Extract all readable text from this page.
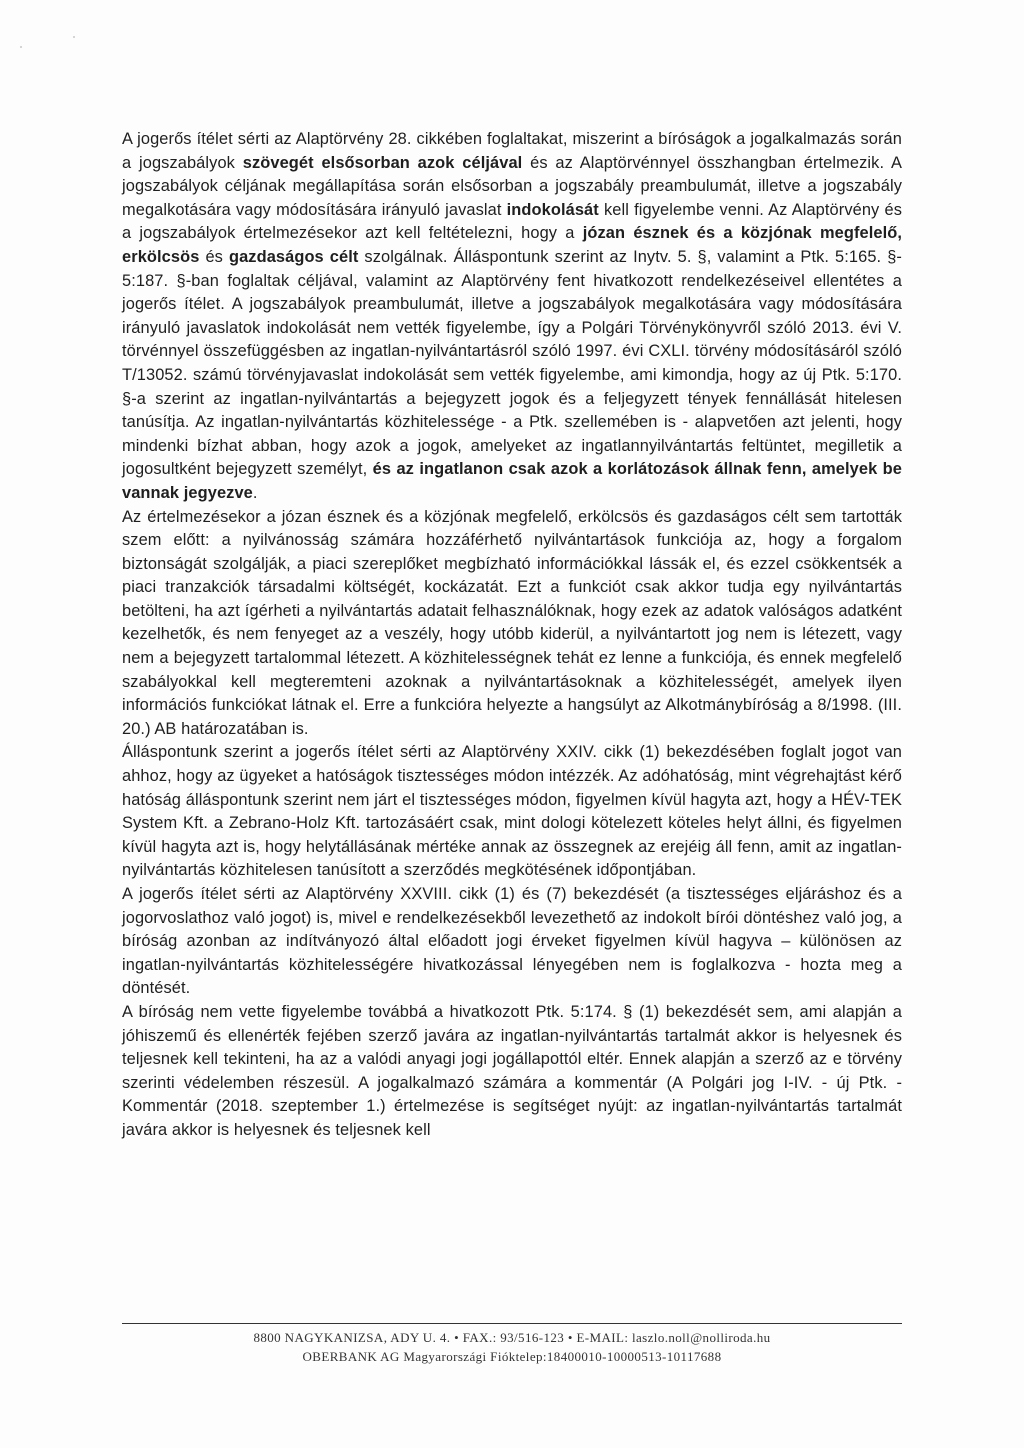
A jogerős ítélet sérti az Alaptörvény 28. cikkében foglaltakat, miszerint a bíróságok a jogalkalmazás során a jogszabályok szövegét elsősorban azok céljával és az Alaptörvénnyel összhangban értelmezik. A jogszabályok céljának megállapítása során elsősorban a jogszabály preambulumát, illetve a jogszabály megalkotására vagy módosítására irányuló javaslat indokolását kell figyelembe venni. Az Alaptörvény és a jogszabályok értelmezésekor azt kell feltételezni, hogy a józan észnek és a közjónak megfelelő, erkölcsös és gazdaságos célt szolgálnak. Álláspontunk szerint az Inytv. 5. §, valamint a Ptk. 5:165. §- 5:187. §-ban foglaltak céljával, valamint az Alaptörvény fent hivatkozott rendelkezéseivel ellentétes a jogerős ítélet. A jogszabályok preambulumát, illetve a jogszabályok megalkotására vagy módosítására irányuló javaslatok indokolását nem vették figyelembe, így a Polgári Törvénykönyvről szóló 2013. évi V. törvénnyel összefüggésben az ingatlan-nyilvántartásról szóló 1997. évi CXLI. törvény módosításáról szóló T/13052. számú törvényjavaslat indokolását sem vették figyelembe, ami kimondja, hogy az új Ptk. 5:170. §-a szerint az ingatlan-nyilvántartás a bejegyzett jogok és a feljegyzett tények fennállását hitelesen tanúsítja. Az ingatlan-nyilvántartás közhitelessége - a Ptk. szellemében is - alapvetően azt jelenti, hogy mindenki bízhat abban, hogy azok a jogok, amelyeket az ingatlannyilvántartás feltüntet, megilletik a jogosultként bejegyzett személyt, és az ingatlanon csak azok a korlátozások állnak fenn, amelyek be vannak jegyezve.

Az értelmezésekor a józan észnek és a közjónak megfelelő, erkölcsös és gazdaságos célt sem tartották szem előtt: a nyilvánosság számára hozzáférhető nyilvántartások funkciója az, hogy a forgalom biztonságát szolgálják, a piaci szereplőket megbízható információkkal lássák el, és ezzel csökkentsék a piaci tranzakciók társadalmi költségét, kockázatát. Ezt a funkciót csak akkor tudja egy nyilvántartás betölteni, ha azt ígérheti a nyilvántartás adatait felhasználóknak, hogy ezek az adatok valóságos adatként kezelhetők, és nem fenyeget az a veszély, hogy utóbb kiderül, a nyilvántartott jog nem is létezett, vagy nem a bejegyzett tartalommal létezett. A közhitelességnek tehát ez lenne a funkciója, és ennek megfelelő szabályokkal kell megteremteni azoknak a nyilvántartásoknak a közhitelességét, amelyek ilyen információs funkciókat látnak el. Erre a funkcióra helyezte a hangsúlyt az Alkotmánybíróság a 8/1998. (III. 20.) AB határozatában is.

Álláspontunk szerint a jogerős ítélet sérti az Alaptörvény XXIV. cikk (1) bekezdésében foglalt jogot van ahhoz, hogy az ügyeket a hatóságok tisztességes módon intézzék. Az adóhatóság, mint végrehajtást kérő hatóság álláspontunk szerint nem járt el tisztességes módon, figyelmen kívül hagyta azt, hogy a HÉV-TEK System Kft. a Zebrano-Holz Kft. tartozásáért csak, mint dologi kötelezett köteles helyt állni, és figyelmen kívül hagyta azt is, hogy helytállásának mértéke annak az összegnek az erejéig áll fenn, amit az ingatlan-nyilvántartás közhitelesen tanúsított a szerződés megkötésének időpontjában.

A jogerős ítélet sérti az Alaptörvény XXVIII. cikk (1) és (7) bekezdését (a tisztességes eljáráshoz és a jogorvoslathoz való jogot) is, mivel e rendelkezésekből levezethető az indokolt bírói döntéshez való jog, a bíróság azonban az indítványozó által előadott jogi érveket figyelmen kívül hagyva – különösen az ingatlan-nyilvántartás közhitelességére hivatkozással lényegében nem is foglalkozva - hozta meg a döntését.

A bíróság nem vette figyelembe továbbá a hivatkozott Ptk. 5:174. § (1) bekezdését sem, ami alapján a jóhiszemű és ellenérték fejében szerző javára az ingatlan-nyilvántartás tartalmát akkor is helyesnek és teljesnek kell tekinteni, ha az a valódi anyagi jogi jogállapottól eltér. Ennek alapján a szerző az e törvény szerinti védelemben részesül. A jogalkalmazó számára a kommentár (A Polgári jog I-IV. - új Ptk. - Kommentár (2018. szeptember 1.) értelmezése is segítséget nyújt: az ingatlan-nyilvántartás tartalmát javára akkor is helyesnek és teljesnek kell

8800 NAGYKANIZSA, ADY U. 4. • FAX.: 93/516-123 • E-MAIL: laszlo.noll@nolliroda.hu
OBERBANK AG Magyarországi Fióktelep:18400010-10000513-10117688
